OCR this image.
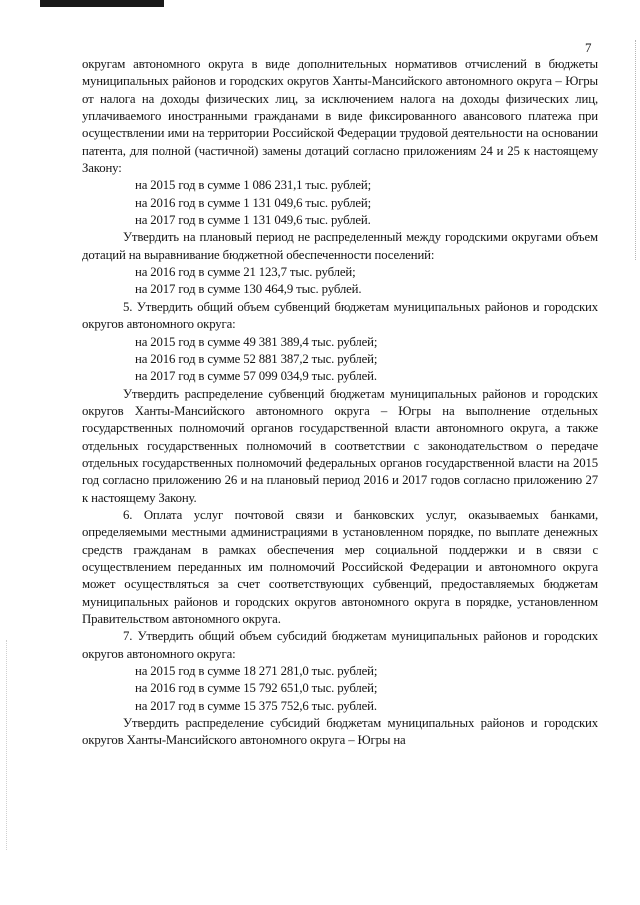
7

округам автономного округа в виде дополнительных нормативов отчислений в бюджеты муниципальных районов и городских округов Ханты-Мансийского автономного округа – Югры от налога на доходы физических лиц, за исключением налога на доходы физических лиц, уплачиваемого иностранными гражданами в виде фиксированного авансового платежа при осуществлении ими на территории Российской Федерации трудовой деятельности на основании патента, для полной (частичной) замены дотаций согласно приложениям 24 и 25 к настоящему Закону:

на 2015 год в сумме 1 086 231,1 тыс. рублей;

на 2016 год в сумме 1 131 049,6 тыс. рублей;

на 2017 год в сумме 1 131 049,6 тыс. рублей.

Утвердить на плановый период не распределенный между городскими округами объем дотаций на выравнивание бюджетной обеспеченности поселений:

на 2016 год в сумме 21 123,7 тыс. рублей;

на 2017 год в сумме 130 464,9 тыс. рублей.

5. Утвердить общий объем субвенций бюджетам муниципальных районов и городских округов автономного округа:

на 2015 год в сумме 49 381 389,4 тыс. рублей;

на 2016 год в сумме 52 881 387,2 тыс. рублей;

на 2017 год в сумме 57 099 034,9 тыс. рублей.

Утвердить распределение субвенций бюджетам муниципальных районов и городских округов Ханты-Мансийского автономного округа – Югры на выполнение отдельных государственных полномочий органов государственной власти автономного округа, а также отдельных государственных полномочий в соответствии с законодательством о передаче отдельных государственных полномочий федеральных органов государственной власти на 2015 год согласно приложению 26 и на плановый период 2016 и 2017 годов согласно приложению 27 к настоящему Закону.

6. Оплата услуг почтовой связи и банковских услуг, оказываемых банками, определяемыми местными администрациями в установленном порядке, по выплате денежных средств гражданам в рамках обеспечения мер социальной поддержки и в связи с осуществлением переданных им полномочий Российской Федерации и автономного округа может осуществляться за счет соответствующих субвенций, предоставляемых бюджетам муниципальных районов и городских округов автономного округа в порядке, установленном Правительством автономного округа.

7. Утвердить общий объем субсидий бюджетам муниципальных районов и городских округов автономного округа:

на 2015 год в сумме 18 271 281,0 тыс. рублей;

на 2016 год в сумме 15 792 651,0 тыс. рублей;

на 2017 год в сумме 15 375 752,6 тыс. рублей.

Утвердить распределение субсидий бюджетам муниципальных районов и городских округов Ханты-Мансийского автономного округа – Югры на
